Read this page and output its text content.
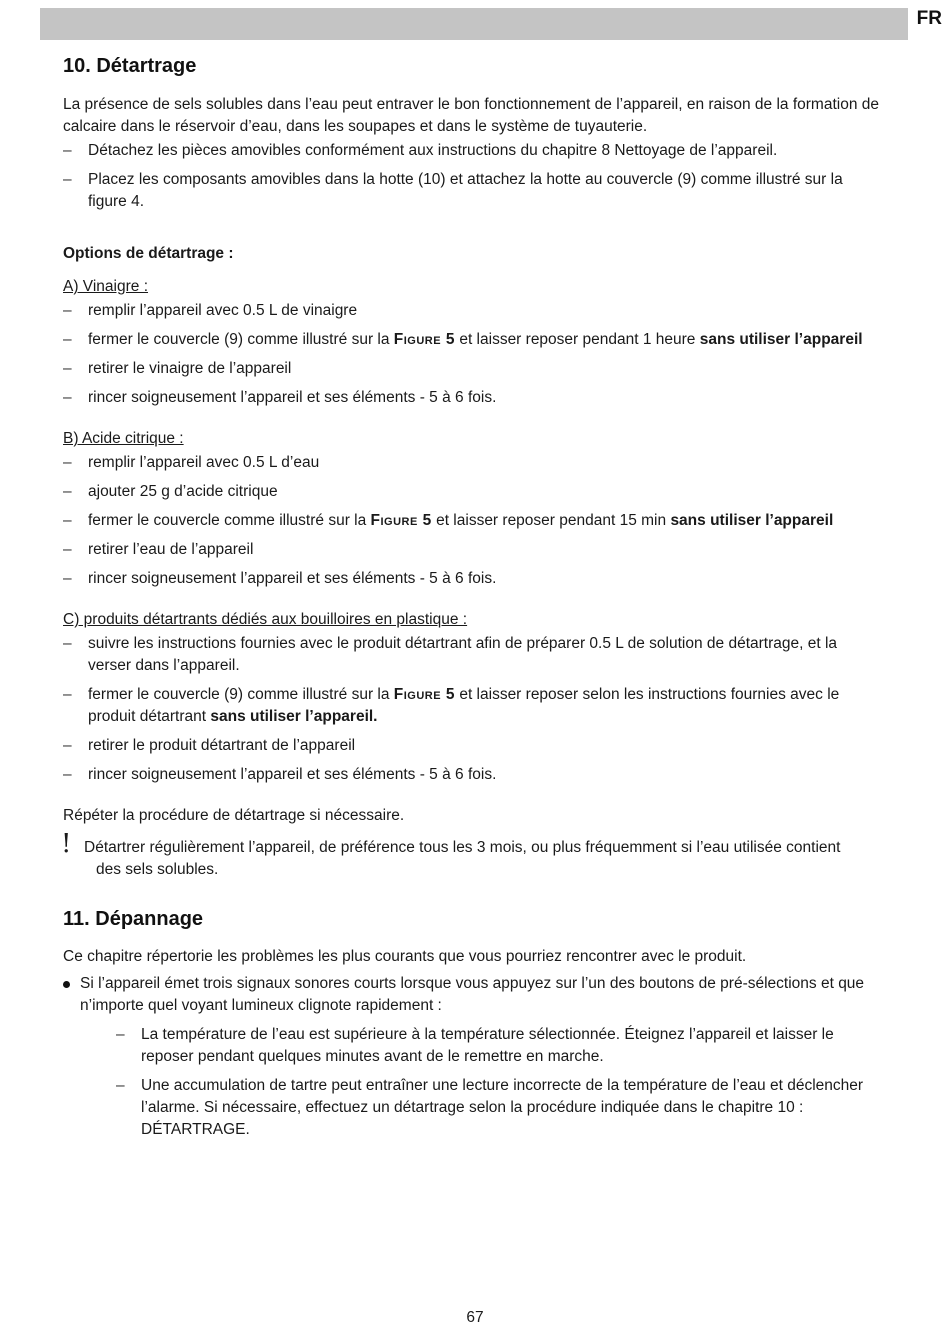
FR
10. Détartrage

La présence de sels solubles dans l’eau peut entraver le bon fonctionnement de l’appareil, en raison de la formation de calcaire dans le réservoir d’eau, dans les soupapes et dans le système de tuyauterie.

– Détachez les pièces amovibles conformément aux instructions du chapitre 8 Nettoyage de l’appareil.
– Placez les composants amovibles dans la hotte (10) et attachez la hotte au couvercle (9) comme illustré sur la figure 4.

Options de détartrage :

A) Vinaigre :

– remplir l’appareil avec 0.5 L de vinaigre
– fermer le couvercle (9) comme illustré sur la Figure 5 et laisser reposer pendant 1 heure sans utiliser l’appareil
– retirer le vinaigre de l’appareil
– rincer soigneusement l’appareil et ses éléments - 5 à 6 fois.

B) Acide citrique :

– remplir l’appareil avec 0.5 L d’eau
– ajouter 25 g d’acide citrique
– fermer le couvercle comme illustré sur la Figure 5 et laisser reposer pendant 15 min sans utiliser l’appareil
– retirer l’eau de l’appareil
– rincer soigneusement l’appareil et ses éléments - 5 à 6 fois.

C) produits détartrants dédiés aux bouilloires en plastique :

– suivre les instructions fournies avec le produit détartrant afin de préparer 0.5 L de solution de détartrage, et la verser dans l’appareil.
– fermer le couvercle (9) comme illustré sur la Figure 5 et laisser reposer selon les instructions fournies avec le produit détartrant sans utiliser l’appareil.
– retirer le produit détartrant de l’appareil
– rincer soigneusement l’appareil et ses éléments - 5 à 6 fois.

Répéter la procédure de détartrage si nécessaire.

! Détartrer régulièrement l’appareil, de préférence tous les 3 mois, ou plus fréquemment si l’eau utilisée contient des sels solubles.
11. Dépannage

Ce chapitre répertorie les problèmes les plus courants que vous pourriez rencontrer avec le produit.

Si l’appareil émet trois signaux sonores courts lorsque vous appuyez sur l’un des boutons de pré-sélections et que n’importe quel voyant lumineux clignote rapidement :
– La température de l’eau est supérieure à la température sélectionnée. Éteignez l’appareil et laisser le reposer pendant quelques minutes avant de le remettre en marche.
– Une accumulation de tartre peut entraîner une lecture incorrecte de la température de l’eau et déclencher l’alarme. Si nécessaire, effectuez un détartrage selon la procédure indiquée dans le chapitre 10 : DÉTARTRAGE.
67
